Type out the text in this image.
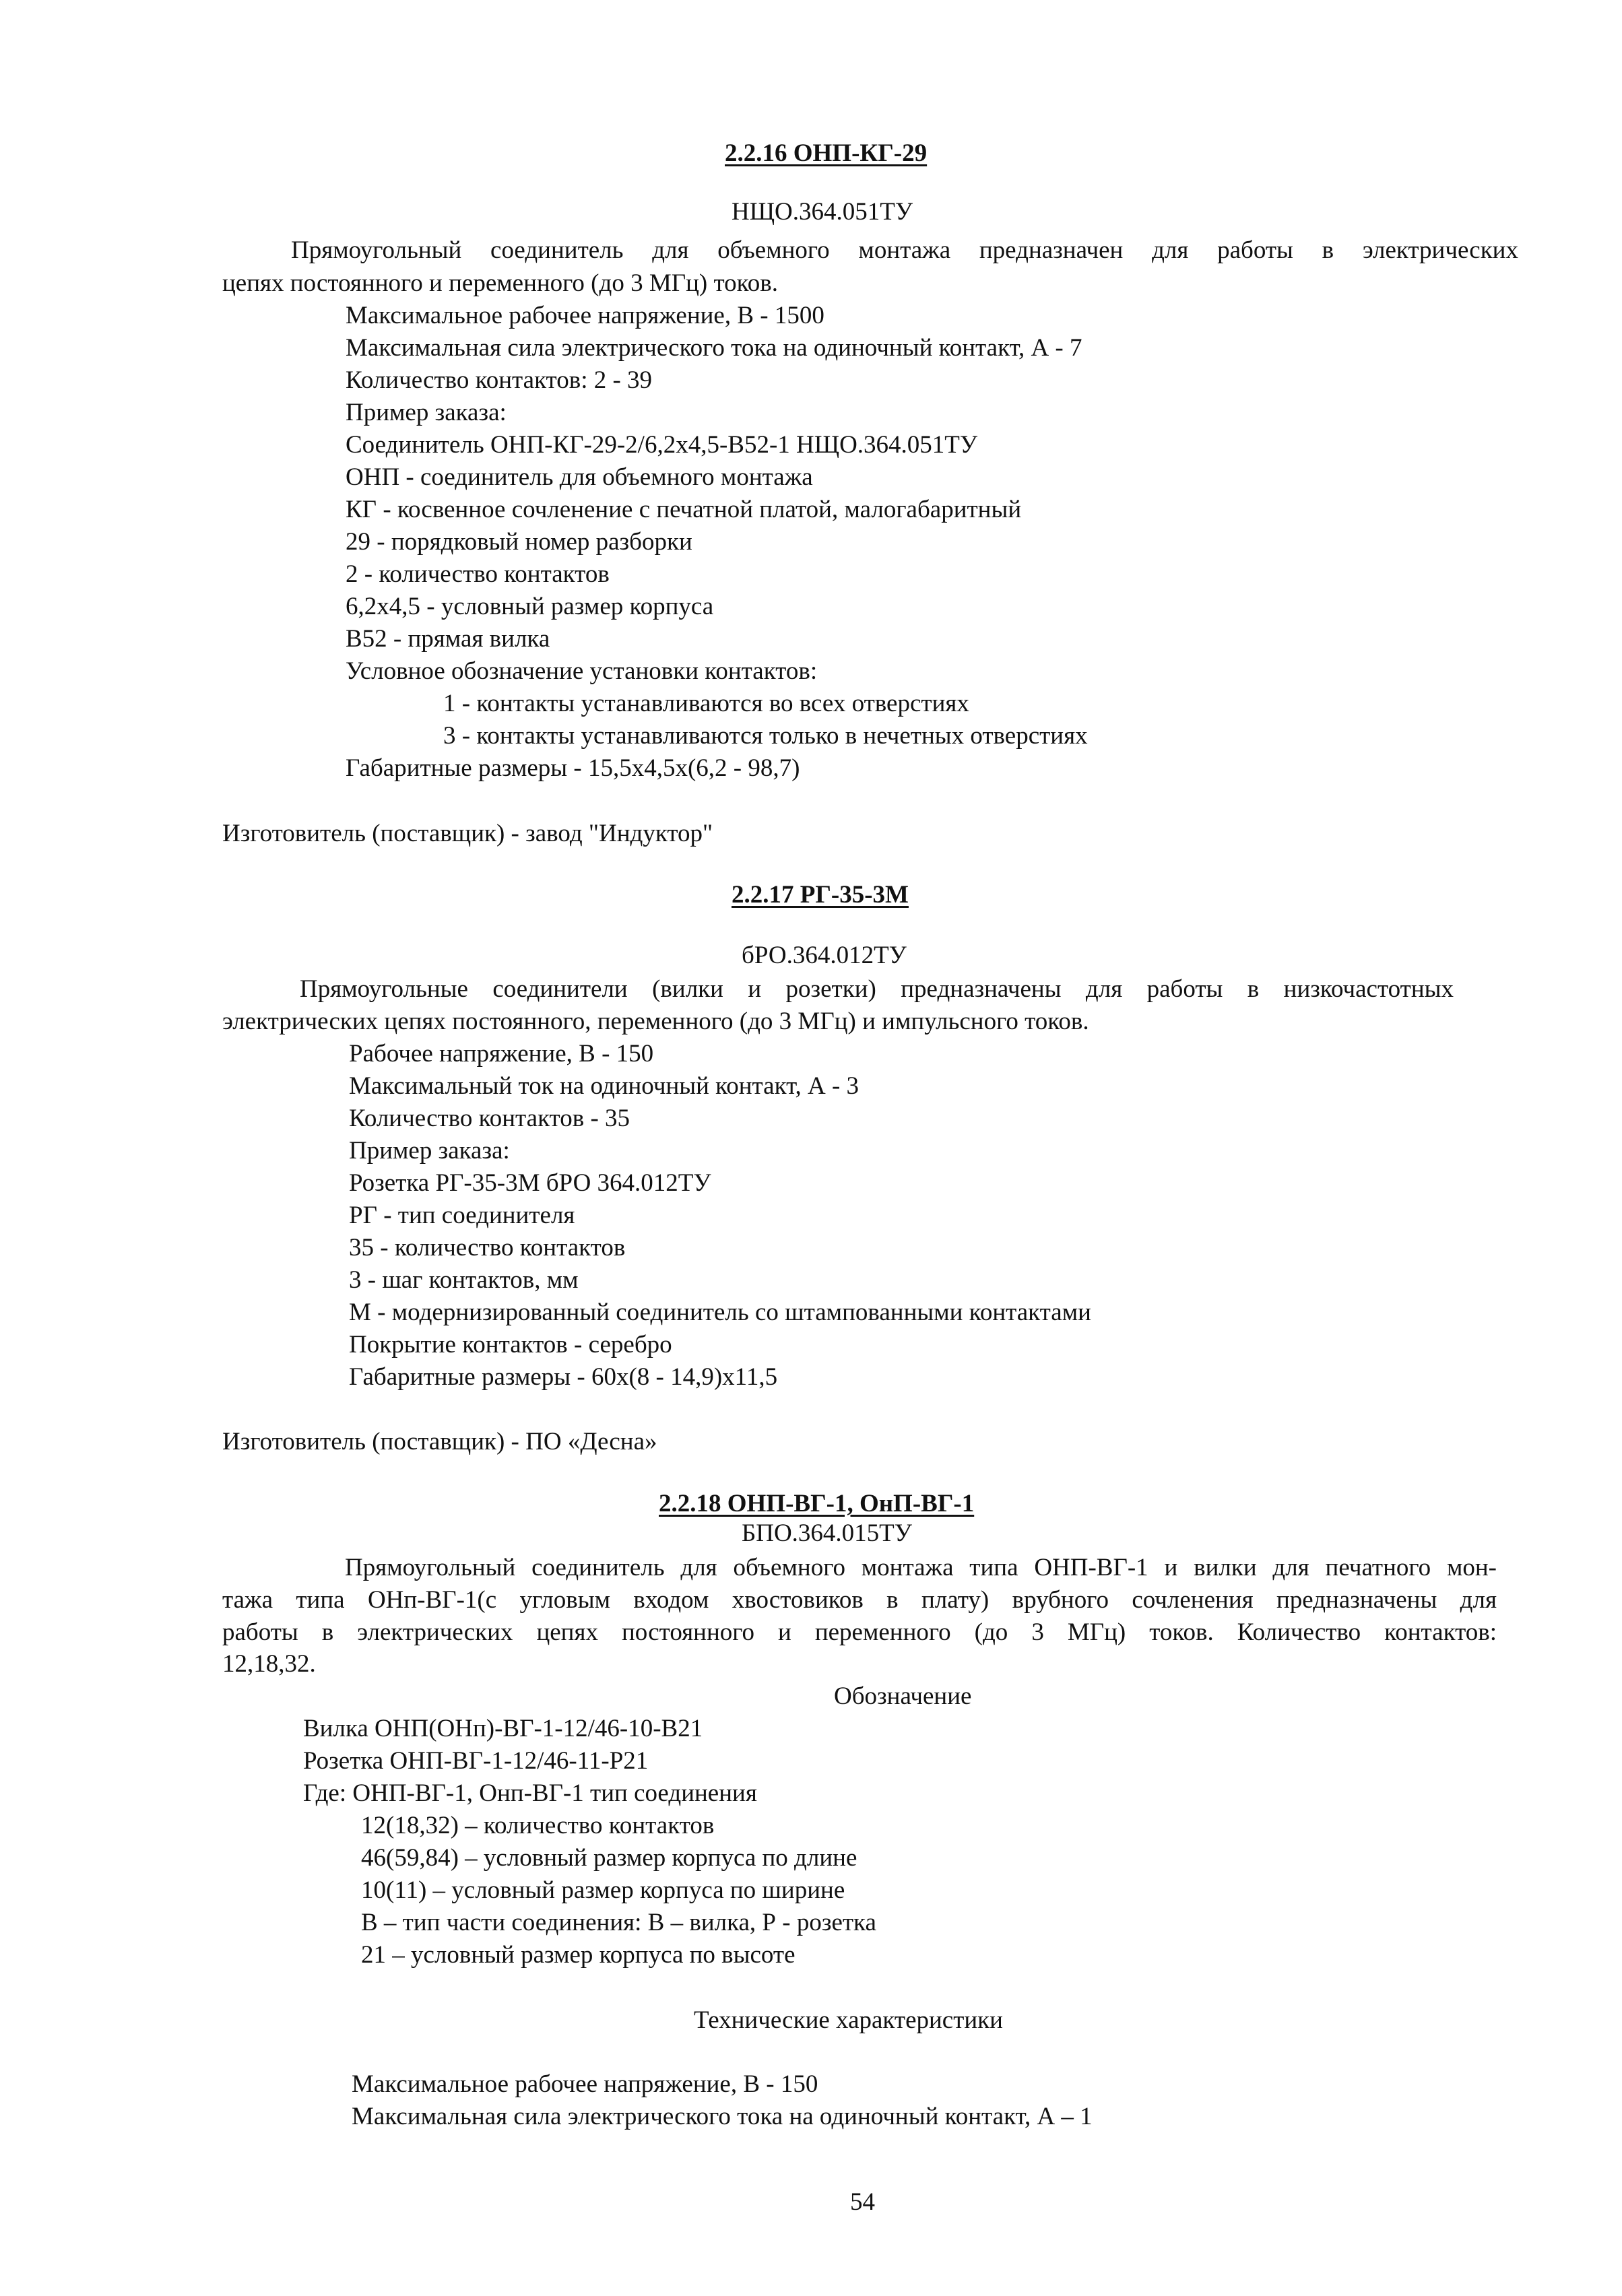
2.2.16 ОНП-КГ-29
НЩО.364.051ТУ
Прямоугольный соединитель для объемного монтажа предназначен для работы в электрических
цепях постоянного и переменного (до 3 МГц) токов.
Максимальное рабочее напряжение, В - 1500
Максимальная сила электрического тока на одиночный контакт, А - 7
Количество контактов: 2 - 39
Пример заказа:
Соединитель ОНП-КГ-29-2/6,2х4,5-В52-1 НЩО.364.051ТУ
ОНП - соединитель для объемного монтажа
КГ - косвенное сочленение с печатной платой, малогабаритный
29 - порядковый номер разборки
2 - количество контактов
6,2х4,5 - условный размер корпуса
В52 - прямая вилка
Условное обозначение установки контактов:
1 - контакты устанавливаются во всех отверстиях
3 - контакты устанавливаются только в нечетных отверстиях
Габаритные размеры - 15,5х4,5х(6,2 - 98,7)
Изготовитель (поставщик) - завод "Индуктор"
2.2.17 РГ-35-3М
бРО.364.012ТУ
Прямоугольные соединители (вилки и розетки) предназначены для работы в низкочастотных
электрических цепях постоянного, переменного (до 3 МГц) и импульсного токов.
Рабочее напряжение, В - 150
Максимальный ток на одиночный контакт, А - 3
Количество контактов - 35
Пример заказа:
Розетка РГ-35-3М бРО 364.012ТУ
РГ - тип соединителя
35 - количество контактов
3 - шаг контактов, мм
М - модернизированный соединитель со штампованными контактами
Покрытие контактов - серебро
Габаритные размеры - 60х(8 - 14,9)х11,5
Изготовитель (поставщик) - ПО «Десна»
2.2.18 ОНП-ВГ-1, ОнП-ВГ-1
БПО.364.015ТУ
Прямоугольный соединитель для объемного монтажа типа ОНП-ВГ-1 и вилки для печатного мон-
тажа типа ОНп-ВГ-1(с угловым входом хвостовиков в плату) врубного сочленения предназначены для
работы в электрических цепях постоянного и переменного (до 3 МГц) токов. Количество контактов:
12,18,32.
Обозначение
Вилка ОНП(ОНп)-ВГ-1-12/46-10-В21
Розетка ОНП-ВГ-1-12/46-11-Р21
Где: ОНП-ВГ-1, Онп-ВГ-1 тип соединения
12(18,32) – количество контактов
46(59,84) – условный размер корпуса по длине
10(11) – условный размер корпуса по ширине
В – тип части соединения: В – вилка, Р - розетка
21 – условный размер корпуса по высоте
Технические характеристики
Максимальное рабочее напряжение, В - 150
Максимальная сила электрического тока на одиночный контакт, А – 1
54
